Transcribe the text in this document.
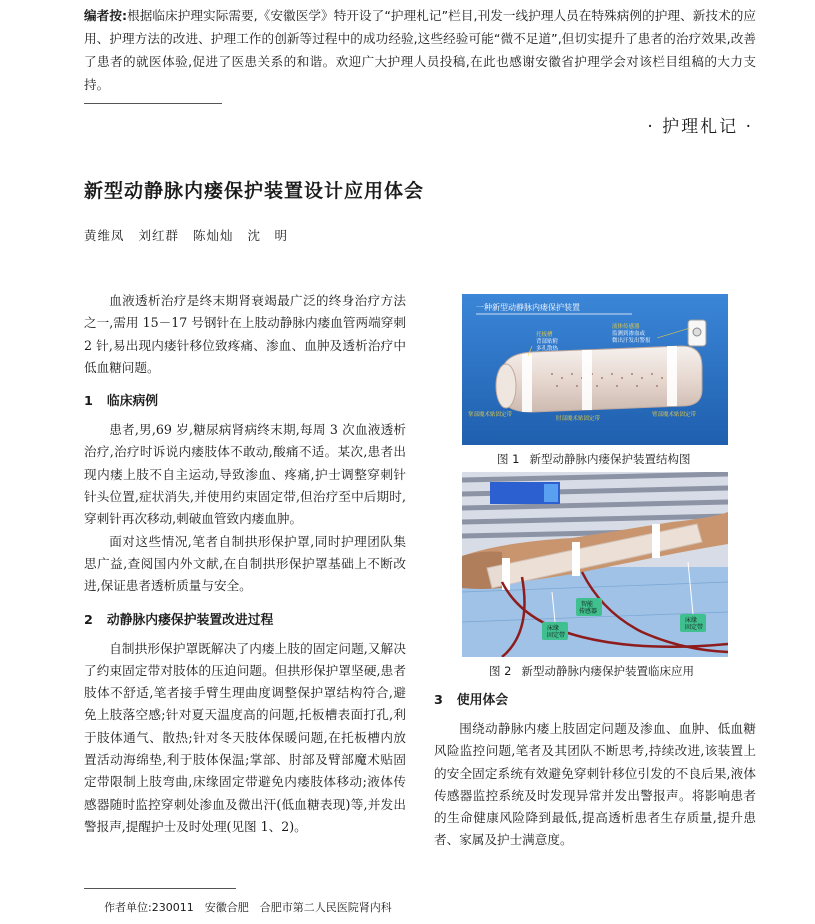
编者按:根据临床护理实际需要,《安徽医学》特开设了“护理札记”栏目,刊发一线护理人员在特殊病例的护理、新技术的应用、护理方法的改进、护理工作的创新等过程中的成功经验,这些经验可能“微不足道”,但切实提升了患者的治疗效果,改善了患者的就医体验,促进了医患关系的和谐。欢迎广大护理人员投稿,在此也感谢安徽省护理学会对该栏目组稿的大力支持。
· 护理札记 ·
新型动静脉内瘘保护装置设计应用体会
黄维凤 刘红群 陈灿灿 沈　明

血液透析治疗是终末期肾衰竭最广泛的终身治疗方法之一,需用 15－17 号钢针在上肢动静脉内瘘血管两端穿刺 2 针,易出现内瘘针移位致疼痛、渗血、血肿及透析治疗中低血糖问题。

1 临床病例

患者,男,69 岁,糖尿病肾病终末期,每周 3 次血液透析治疗,治疗时诉说内瘘肢体不敢动,酸痛不适。某次,患者出现内瘘上肢不自主运动,导致渗血、疼痛,护士调整穿刺针针头位置,症状消失,并使用约束固定带,但治疗至中后期时,穿刺针再次移动,刺破血管致内瘘血肿。

面对这些情况,笔者自制拱形保护罩,同时护理团队集思广益,查阅国内外文献,在自制拱形保护罩基础上不断改进,保证患者透析质量与安全。

2 动静脉内瘘保护装置改进过程

自制拱形保护罩既解决了内瘘上肢的固定问题,又解决了约束固定带对肢体的压迫问题。但拱形保护罩坚硬,患者肢体不舒适,笔者接手臂生理曲度调整保护罩结构符合,避免上肢落空感;针对夏天温度高的问题,托板槽表面打孔,利于肢体通气、散热;针对冬天肢体保暖问题,在托板槽内放置活动海绵垫,利于肢体保温;掌部、肘部及臂部魔术贴固定带限制上肢弯曲,床缘固定带避免内瘘肢体移动;液体传感器随时监控穿刺处渗血及微出汗(低血糖表现)等,并发出警报声,提醒护士及时处理(见图 1、2)。

一种新型动静脉内瘘保护装置
托板槽
背部贴附
多孔散热
液体传感器
监测到渗血或
微出汗发出警报
掌部魔术贴固定带
肘部魔术贴固定带
臂部魔术贴固定带
图 1 新型动静脉内瘘保护装置结构图
床缘
固定带
智能
传感器
床缘
固定带
图 2 新型动静脉内瘘保护装置临床应用
3 使用体会

围绕动静脉内瘘上肢固定问题及渗血、血肿、低血糖风险监控问题,笔者及其团队不断思考,持续改进,该装置上的安全固定系统有效避免穿刺针移位引发的不良后果,液体传感器监控系统及时发现异常并发出警报声。将影响患者的生命健康风险降到最低,提高透析患者生存质量,提升患者、家属及护士满意度。

作者单位:230011　安徽合肥　合肥市第二人民医院肾内科
